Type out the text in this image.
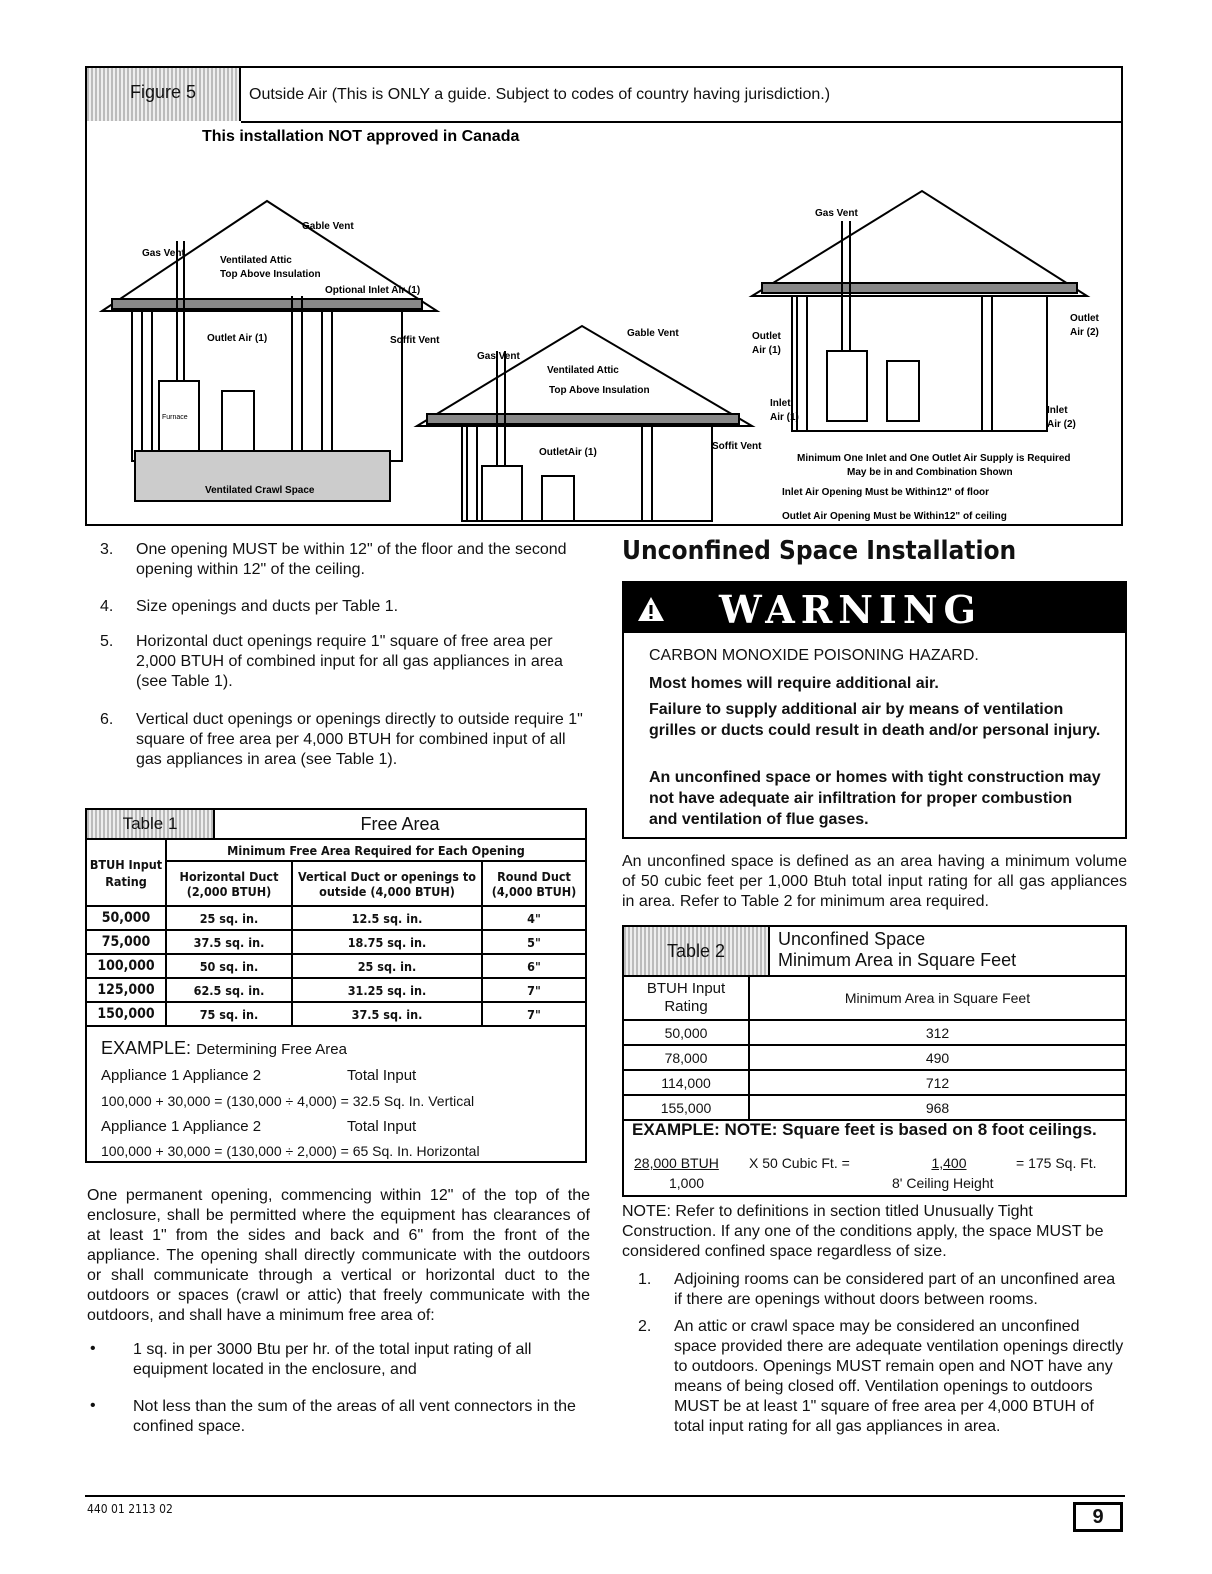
Figure 5	Outside Air (This is ONLY a guide. Subject to codes of country having jurisdiction.)
This installation NOT approved in Canada
Gable Vent
Gas Vent
Ventilated Attic
Top Above Insulation
Optional Inlet Air (1)
Outlet Air (1)	Soffit Vent
Ventilated Crawl Space
Furnace
Gas Vent
Gable Vent
Ventilated Attic
Top Above Insulation
OutletAir (1)
Soffit Vent
Gas Vent
Outlet
Air (1)
Outlet
Air (2)
Inlet
Air (1)
Inlet
Air (2)
Minimum One Inlet and One Outlet Air Supply is Required
May be in and Combination Shown
Inlet Air Opening Must be Within12" of floor
Outlet Air Opening Must be Within12" of ceiling
3. One opening MUST be within 12" of the floor and the second opening within 12" of the ceiling.
4. Size openings and ducts per Table 1.
5. Horizontal duct openings require 1" square of free area per 2,000 BTUH of combined input for all gas appliances in area (see Table 1).
6. Vertical duct openings or openings directly to outside require 1" square of free area per 4,000 BTUH for combined input of all gas appliances in area (see Table 1).
Table 1	Free Area
BTUH Input Rating	Minimum Free Area Required for Each Opening		
	Horizontal Duct (2,000 BTUH)	Vertical Duct or openings to outside (4,000 BTUH)	Round Duct (4,000 BTUH)
50,000	25 sq. in.	12.5 sq. in.	4"
75,000	37.5 sq. in.	18.75 sq. in.	5"
100,000	50 sq. in.	25 sq. in.	6"
125,000	62.5 sq. in.	31.25 sq. in.	7"
150,000	75 sq. in.	37.5 sq. in.	7"
EXAMPLE: Determining Free Area
Appliance 1 Appliance 2	Total Input
100,000 + 30,000 = (130,000 ÷ 4,000) = 32.5 Sq. In. Vertical
Appliance 1 Appliance 2	Total Input
100,000 + 30,000 = (130,000 ÷ 2,000) = 65 Sq. In. Horizontal
One permanent opening, commencing within 12" of the top of the enclosure, shall be permitted where the equipment has clearances of at least 1" from the sides and back and 6" from the front of the appliance. The opening shall directly communicate with the outdoors or shall communicate through a vertical or horizontal duct to the outdoors or spaces (crawl or attic) that freely communicate with the outdoors, and shall have a minimum free area of:
• 1 sq. in per 3000 Btu per hr. of the total input rating of all equipment located in the enclosure, and
• Not less than the sum of the areas of all vent connectors in the confined space.
Unconfined Space Installation
WARNING
CARBON MONOXIDE POISONING HAZARD.
Most homes will require additional air.
Failure to supply additional air by means of ventilation grilles or ducts could result in death and/or personal injury.
An unconfined space or homes with tight construction may not have adequate air infiltration for proper combustion and ventilation of flue gases.
An unconfined space is defined as an area having a minimum volume of 50 cubic feet per 1,000 Btuh total input rating for all gas appliances in area. Refer to Table 2 for minimum area required.
Table 2
Unconfined Space
Minimum Area in Square Feet
BTUH Input Rating	Minimum Area in Square Feet
50,000	312
78,000	490
114,000	712
155,000	968
EXAMPLE: NOTE: Square feet is based on 8 foot ceilings.
28,000 BTUH X 50 Cubic Ft. =	1,400	= 175 Sq. Ft.
1,000	8' Ceiling Height
NOTE: Refer to definitions in section titled Unusually Tight Construction. If any one of the conditions apply, the space MUST be considered confined space regardless of size.
1. Adjoining rooms can be considered part of an unconfined area if there are openings without doors between rooms.
2. An attic or crawl space may be considered an unconfined space provided there are adequate ventilation openings directly to outdoors. Openings MUST remain open and NOT have any means of being closed off. Ventilation openings to outdoors MUST be at least 1" square of free area per 4,000 BTUH of total input rating for all gas appliances in area.
440 01 2113 02	9
